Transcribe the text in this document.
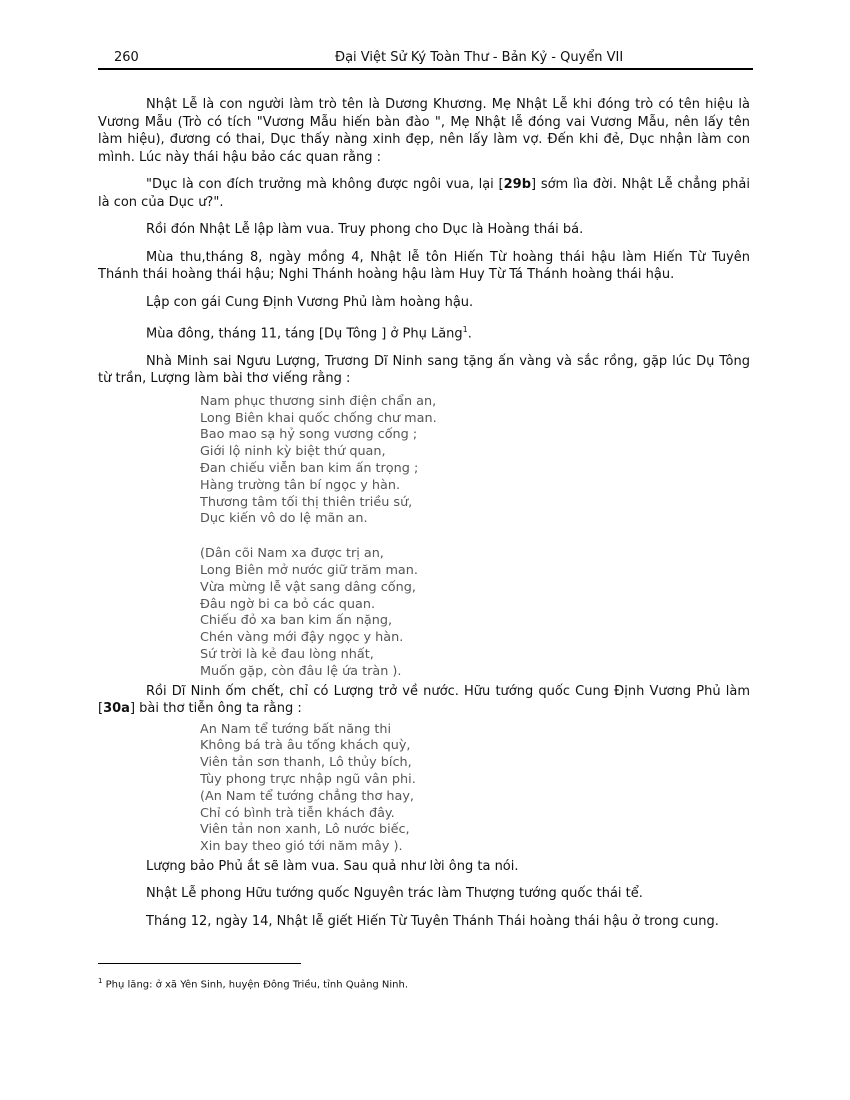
260	Đại Việt Sử Ký Toàn Thư - Bản Kỷ - Quyển VII

Nhật Lễ là con người làm trò tên là Dương Khương. Mẹ Nhật Lễ khi đóng trò có tên hiệu là Vương Mẫu (Trò có tích "Vương Mẫu hiến bàn đào ", Mẹ Nhật lễ đóng vai Vương Mẫu, nên lấy tên làm hiệu), đương có thai, Dục thấy nàng xinh đẹp, nên lấy làm vợ. Đến khi đẻ, Dục nhận làm con mình. Lúc này thái hậu bảo các quan rằng :

"Dục là con đích trưởng mà không được ngôi vua, lại [29b] sớm lìa đời. Nhật Lễ chẳng phải là con của Dục ư?".

Rồi đón Nhật Lễ lập làm vua. Truy phong cho Dục là Hoàng thái bá.

Mùa thu,tháng 8, ngày mồng 4, Nhật lễ tôn Hiến Từ hoàng thái hậu làm Hiến Từ Tuyên Thánh thái hoàng thái hậu; Nghi Thánh hoàng hậu làm Huy Từ Tá Thánh hoàng thái hậu.

Lập con gái Cung Định Vương Phủ làm hoàng hậu.

Mùa đông, tháng 11, táng [Dụ Tông ] ở Phụ Lăng$^1$.

Nhà Minh sai Ngưu Lượng, Trương Dĩ Ninh sang tặng ấn vàng và sắc rồng, gặp lúc Dụ Tông từ trần, Lượng làm bài thơ viếng rằng :

Nam phục thương sinh điện chẩn an,
Long Biên khai quốc chống chư man.
Bao mao sạ hỷ song vương cống ;
Giới lộ ninh kỳ biệt thứ quan,
Đan chiếu viễn ban kim ấn trọng ;
Hàng trường tân bí ngọc y hàn.
Thương tâm tối thị thiên triều sứ,
Dục kiến vô do lệ mãn an.
(Dân cõi Nam xa được trị an,
Long Biên mở nước giữ trăm man.
Vừa mừng lễ vật sang dâng cống,
Đâu ngờ bi ca bỏ các quan.
Chiếu đỏ xa ban kim ấn nặng,
Chén vàng mới đậy ngọc y hàn.
Sứ trời là kẻ đau lòng nhất,
Muốn gặp, còn đâu lệ ứa tràn ).

Rồi Dĩ Ninh ốm chết, chỉ có Lượng trở về nước. Hữu tướng quốc Cung Định Vương Phủ làm [30a] bài thơ tiễn ông ta rằng :

An Nam tể tướng bất năng thi
Không bá trà âu tống khách quỳ,
Viên tản sơn thanh, Lô thủy bích,
Tùy phong trực nhập ngũ vân phi.
(An Nam tể tướng chẳng thơ hay,
Chỉ có bình trà tiễn khách đây.
Viên tản non xanh, Lô nước biếc,
Xin bay theo gió tới năm mây ).

Lượng bảo Phủ ắt sẽ làm vua. Sau quả như lời ông ta nói.

Nhật Lễ phong Hữu tướng quốc Nguyên trác làm Thượng tướng quốc thái tể.

Tháng 12, ngày 14, Nhật lễ giết Hiến Từ Tuyên Thánh Thái hoàng thái hậu ở trong cung.

$^1$ Phụ lăng: ở xã Yên Sinh, huyện Đông Triều, tỉnh Quảng Ninh.
